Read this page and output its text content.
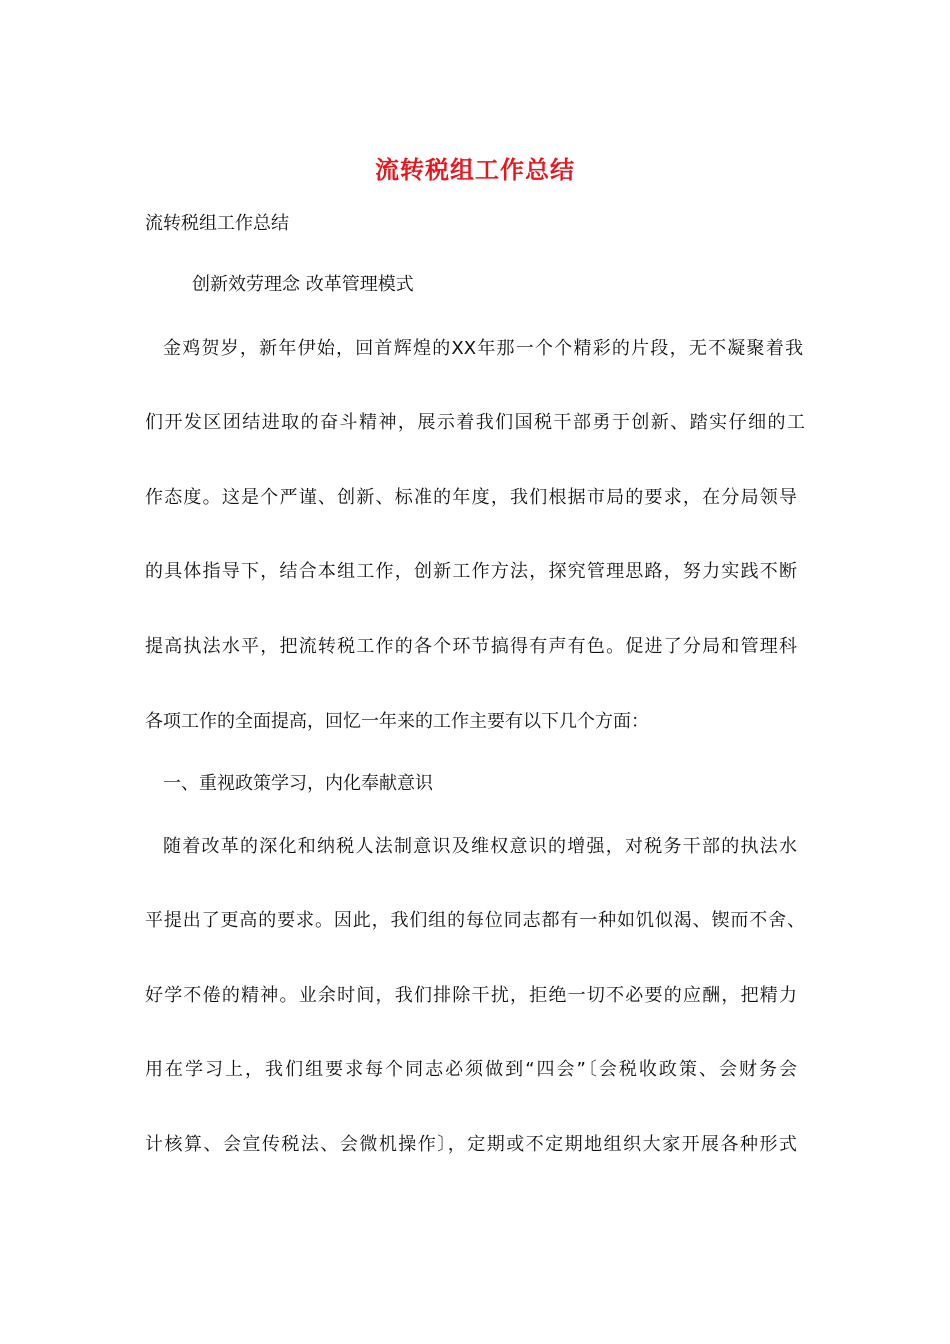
流转税组工作总结
流转税组工作总结
创新效劳理念 改革管理模式
金鸡贺岁，新年伊始，回首辉煌的XX年那一个个精彩的片段，无不凝聚着我
们开发区团结进取的奋斗精神，展示着我们国税干部勇于创新、踏实仔细的工
作态度。这是个严谨、创新、标准的年度，我们根据市局的要求，在分局领导
的具体指导下，结合本组工作，创新工作方法，探究管理思路，努力实践不断
提高执法水平，把流转税工作的各个环节搞得有声有色。促进了分局和管理科
各项工作的全面提高，回忆一年来的工作主要有以下几个方面：
一、重视政策学习，内化奉献意识
随着改革的深化和纳税人法制意识及维权意识的增强，对税务干部的执法水
平提出了更高的要求。因此，我们组的每位同志都有一种如饥似渴、锲而不舍、
好学不倦的精神。业余时间，我们排除干扰，拒绝一切不必要的应酬，把精力
用在学习上，我们组要求每个同志必须做到“四会”〔会税收政策、会财务会
计核算、会宣传税法、会微机操作〕，定期或不定期地组织大家开展各种形式
